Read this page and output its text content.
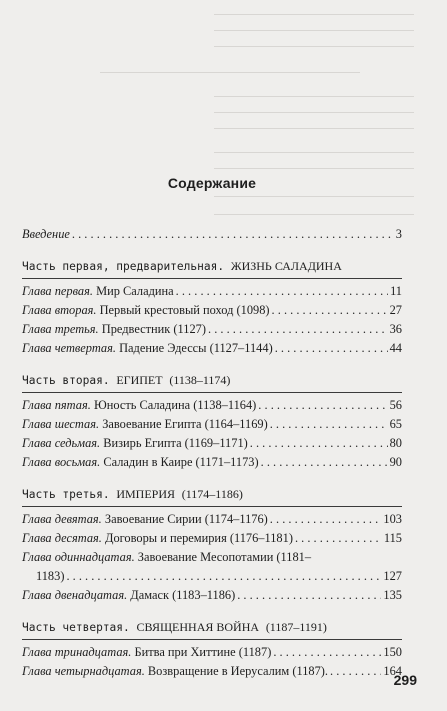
Содержание
Введение . . .	3
Часть первая, предварительная. ЖИЗНЬ САЛАДИНА
Глава первая.
Мир Саладина . . .	11
Глава вторая.
Первый крестовый поход (1098) . . .	27
Глава третья.
Предвестник (1127) . . .	36
Глава четвертая.
Падение Эдессы (1127–1144) . . .	44
Часть вторая. ЕГИПЕТ (1138–1174)
Глава пятая.
Юность Саладина (1138–1164) . . .	56
Глава шестая.
Завоевание Египта (1164–1169) . . .	65
Глава седьмая.
Визирь Египта (1169–1171) . . .	80
Глава восьмая.
Саладин в Каире (1171–1173) . . .	90
Часть третья. ИМПЕРИЯ (1174–1186)
Глава девятая.
Завоевание Сирии (1174–1176) . . .	103
Глава десятая.
Договоры и перемирия (1176–1181) . . .	115
Глава одиннадцатая.
Завоевание Месопотамии (1181–
1183) . . .	127
Глава двенадцатая.
Дамаск (1183–1186) . . .	135
Часть четвертая. СВЯЩЕННАЯ ВОЙНА (1187–1191)
Глава тринадцатая.
Битва при Хиттине (1187) . . .	150
Глава четырнадцатая.
Возвращение в Иерусалим (1187). . . .	164
299
